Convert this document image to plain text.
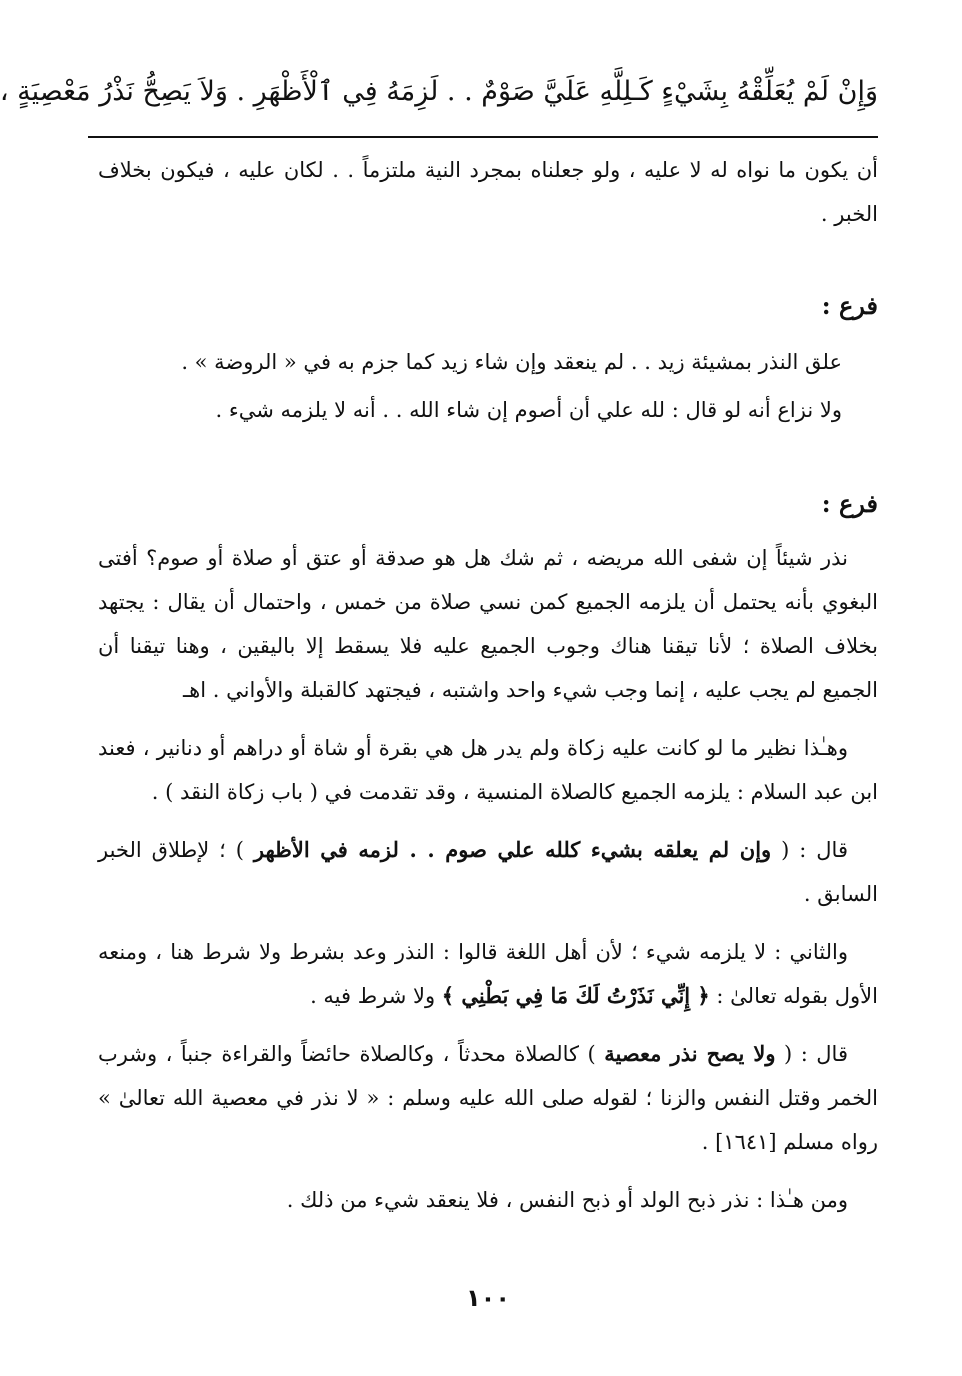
وَإِنْ لَمْ يُعَلِّقْهُ بِشَيْءٍ كَـلِلَّهِ عَلَيَّ صَوْمٌ . . لَزِمَهُ فِي ٱلْأَظْهَرِ . وَلاَ يَصِحُّ نَذْرُ مَعْصِيَةٍ ،

أن يكون ما نواه له لا عليه ، ولو جعلناه بمجرد النية ملتزماً . . لكان عليه ، فيكون بخلاف الخبر .

فرع :

علق النذر بمشيئة زيد . . لم ينعقد وإن شاء زيد كما جزم به في « الروضة » .

ولا نزاع أنه لو قال : لله علي أن أصوم إن شاء الله . . أنه لا يلزمه شيء .

فرع :

نذر شيئاً إن شفى الله مريضه ، ثم شك هل هو صدقة أو عتق أو صلاة أو صوم؟ أفتى البغوي بأنه يحتمل أن يلزمه الجميع كمن نسي صلاة من خمس ، واحتمال أن يقال : يجتهد بخلاف الصلاة ؛ لأنا تيقنا هناك وجوب الجميع عليه فلا يسقط إلا باليقين ، وهنا تيقنا أن الجميع لم يجب عليه ، إنما وجب شيء واحد واشتبه ، فيجتهد كالقبلة والأواني . اهـ

وهـٰذا نظير ما لو كانت عليه زكاة ولم يدر هل هي بقرة أو شاة أو دراهم أو دنانير ، فعند ابن عبد السلام : يلزمه الجميع كالصلاة المنسية ، وقد تقدمت في ( باب زكاة النقد ) .

قال : ( وإن لم يعلقه بشيء كلله علي صوم . . لزمه في الأظهر ) ؛ لإطلاق الخبر السابق .

والثاني : لا يلزمه شيء ؛ لأن أهل اللغة قالوا : النذر وعد بشرط ولا شرط هنا ، ومنعه الأول بقوله تعالىٰ : ﴿ إِنِّي نَذَرْتُ لَكَ مَا فِي بَطْنِي ﴾ ولا شرط فيه .

قال : ( ولا يصح نذر معصية ) كالصلاة محدثاً ، وكالصلاة حائضاً والقراءة جنباً ، وشرب الخمر وقتل النفس والزنا ؛ لقوله صلى الله عليه وسلم : « لا نذر في معصية الله تعالىٰ » رواه مسلم [١٦٤١] .

ومن هـٰذا : نذر ذبح الولد أو ذبح النفس ، فلا ينعقد شيء من ذلك .

١٠٠
